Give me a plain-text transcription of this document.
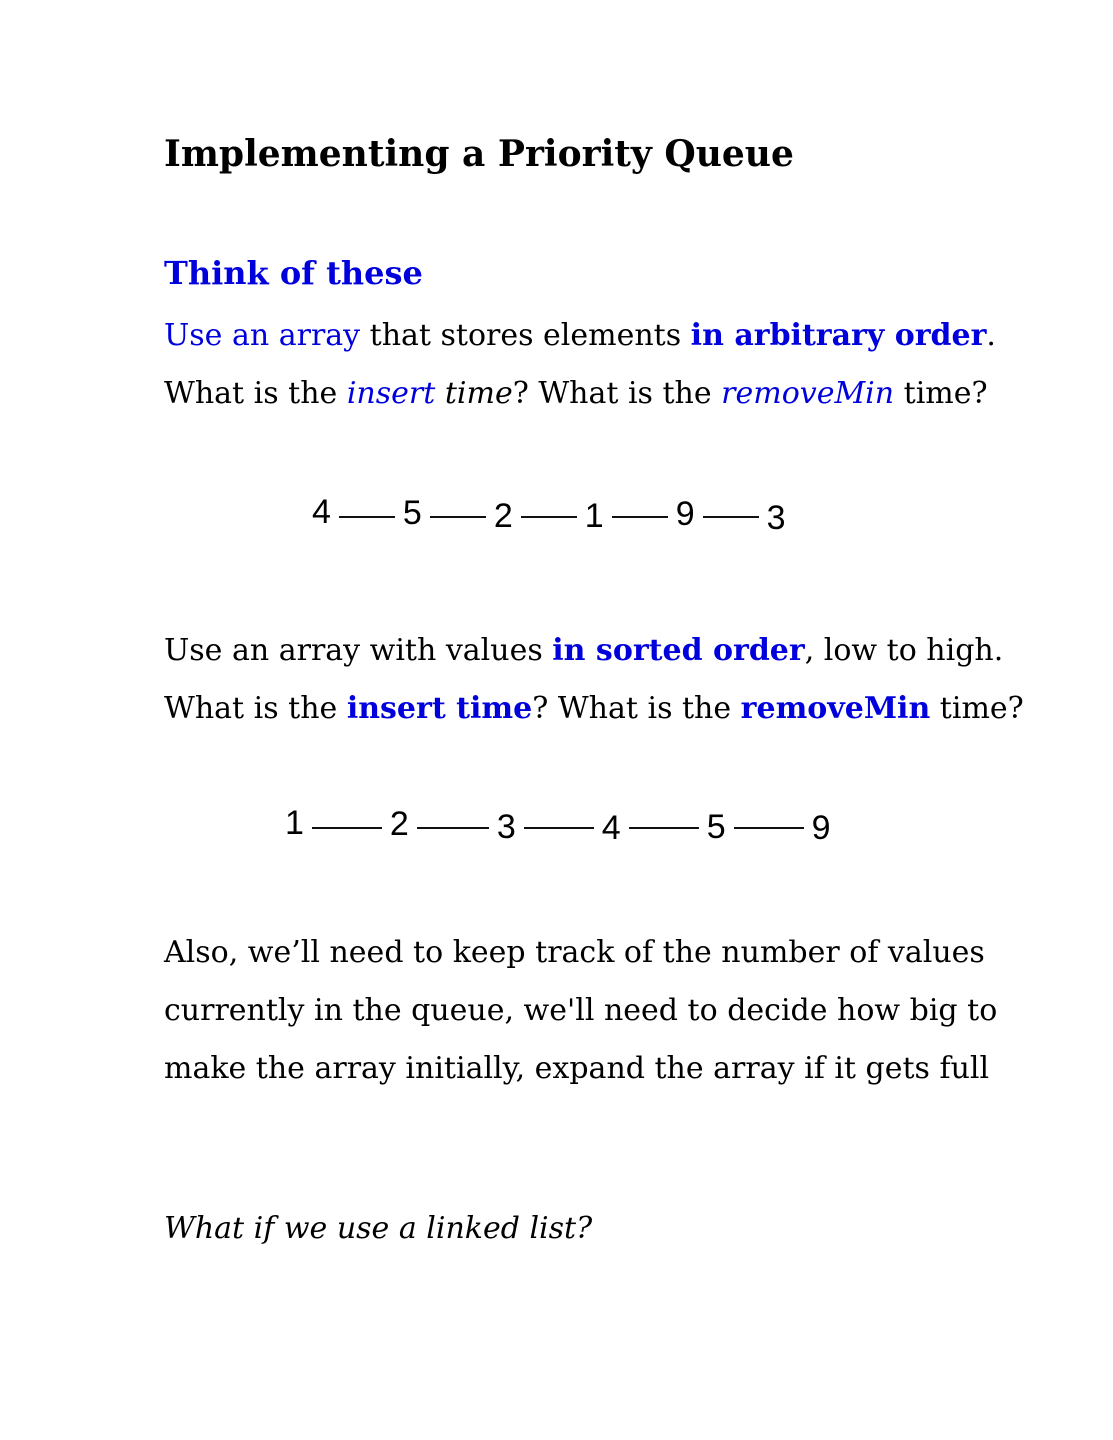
Implementing a Priority Queue
Think of these
Use an array that stores elements in arbitrary order.
What is the insert time? What is the removeMin time?
4 5 2 1 9 3
Use an array with values in sorted order, low to high.
What is the insert time? What is the removeMin time?
1	2	3	4	5	9
Also, we’ll need to keep track of the number of values
currently in the queue, we'll need to decide how big to
make the array initially, expand the array if it gets full
What if we use a linked list?
